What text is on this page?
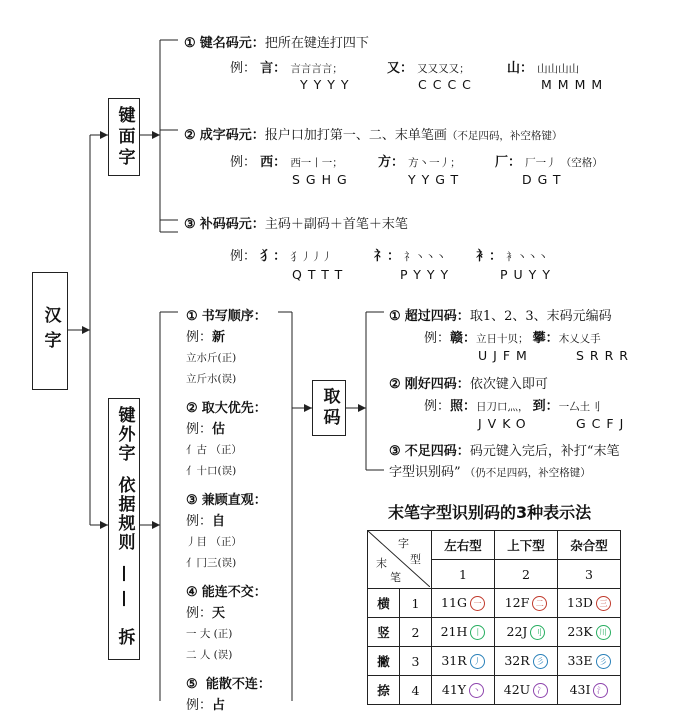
汉字
键面字
键外字
依据规则
——
拆
取码
① 键名码元：把所在键连打四下
例： 言： 言言言言；	又： 又又又又；	山： 山山山山
YYYY	CCCC	MMMM
② 成字码元：报户口加打第一、二、末单笔画（不足四码，补空格键）
例： 西： 西一丨一；	方： 方丶一丿；	厂： 厂一丿 （空格）
SGHG	YYGT	DGT
③ 补码码元：主码＋副码＋首笔＋末笔
例： 犭： 犭丿丿丿	礻： 礻丶丶丶 衤： 衤丶丶丶
QTTT	PYYY	PUYY
① 书写顺序：
例：新
立朩斤(正)
立斤朩(误)
② 取大优先：
例：估
亻古 （正）
亻十口(误)
③ 兼顾直观：
例：自
丿目 （正）
亻冂三(误)
④ 能连不交：
例：天
一 大 (正)
二 人 (误)
⑤ 能散不连：
例：占
① 超过四码：取1、2、3、末码元编码
例：赣：立日十贝； 攀：木乂乂手
UJFM	SRRR
② 刚好四码：依次键入即可
例：照：日刀口灬， 到：一厶土刂
JVKO	GCFJ
③ 不足四码：码元键入完后，补打“末笔
字型识别码” （仍不足四码，补空格键）
末笔字型识别码的3种表示法
字
型
末
笔		左右型	上下型	杂合型
		1	2	3
横	1	11G 一	12F 二	13D 三
竖	2	21H 丨	22J 刂	23K 川
撇	3	31R 丿	32R 彡	33E 彡
捺	4	41Y 丶	42U 冫	43I 氵
